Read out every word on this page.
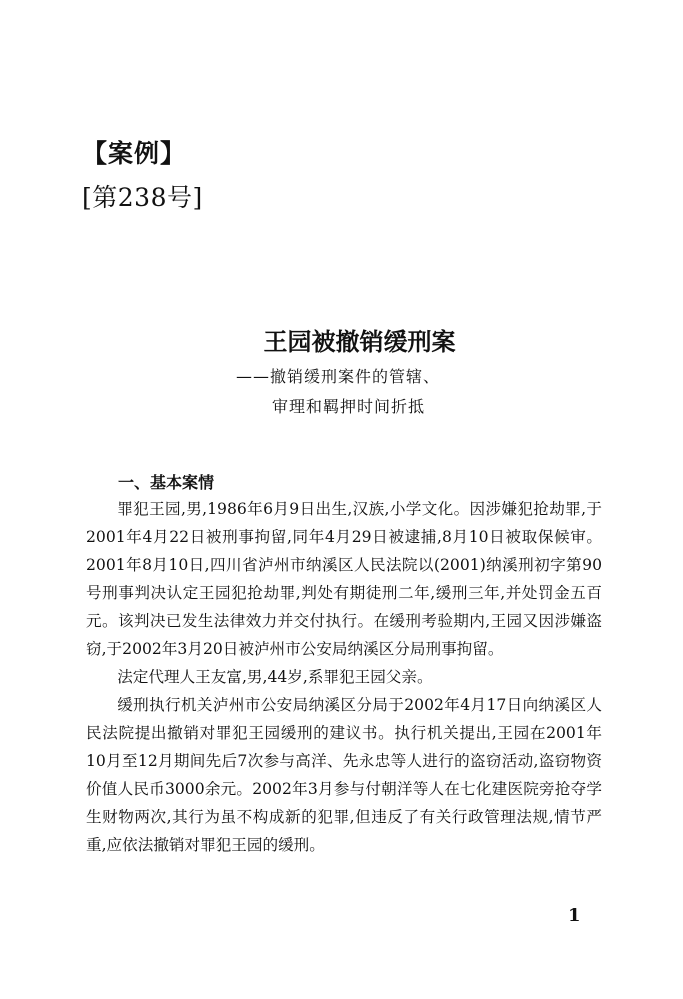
【案例】
[第238号]
王园被撤销缓刑案
——撤销缓刑案件的管辖、
审理和羁押时间折抵
一、基本案情

罪犯王园,男,1986年6月9日出生,汉族,小学文化。因涉嫌犯抢劫罪,于2001年4月22日被刑事拘留,同年4月29日被逮捕,8月10日被取保候审。2001年8月10日,四川省泸州市纳溪区人民法院以(2001)纳溪刑初字第90号刑事判决认定王园犯抢劫罪,判处有期徒刑二年,缓刑三年,并处罚金五百元。该判决已发生法律效力并交付执行。在缓刑考验期内,王园又因涉嫌盗窃,于2002年3月20日被泸州市公安局纳溪区分局刑事拘留。

法定代理人王友富,男,44岁,系罪犯王园父亲。

缓刑执行机关泸州市公安局纳溪区分局于2002年4月17日向纳溪区人民法院提出撤销对罪犯王园缓刑的建议书。执行机关提出,王园在2001年10月至12月期间先后7次参与高洋、先永忠等人进行的盗窃活动,盗窃物资价值人民币3000余元。2002年3月参与付朝洋等人在七化建医院旁抢夺学生财物两次,其行为虽不构成新的犯罪,但违反了有关行政管理法规,情节严重,应依法撤销对罪犯王园的缓刑。

1
